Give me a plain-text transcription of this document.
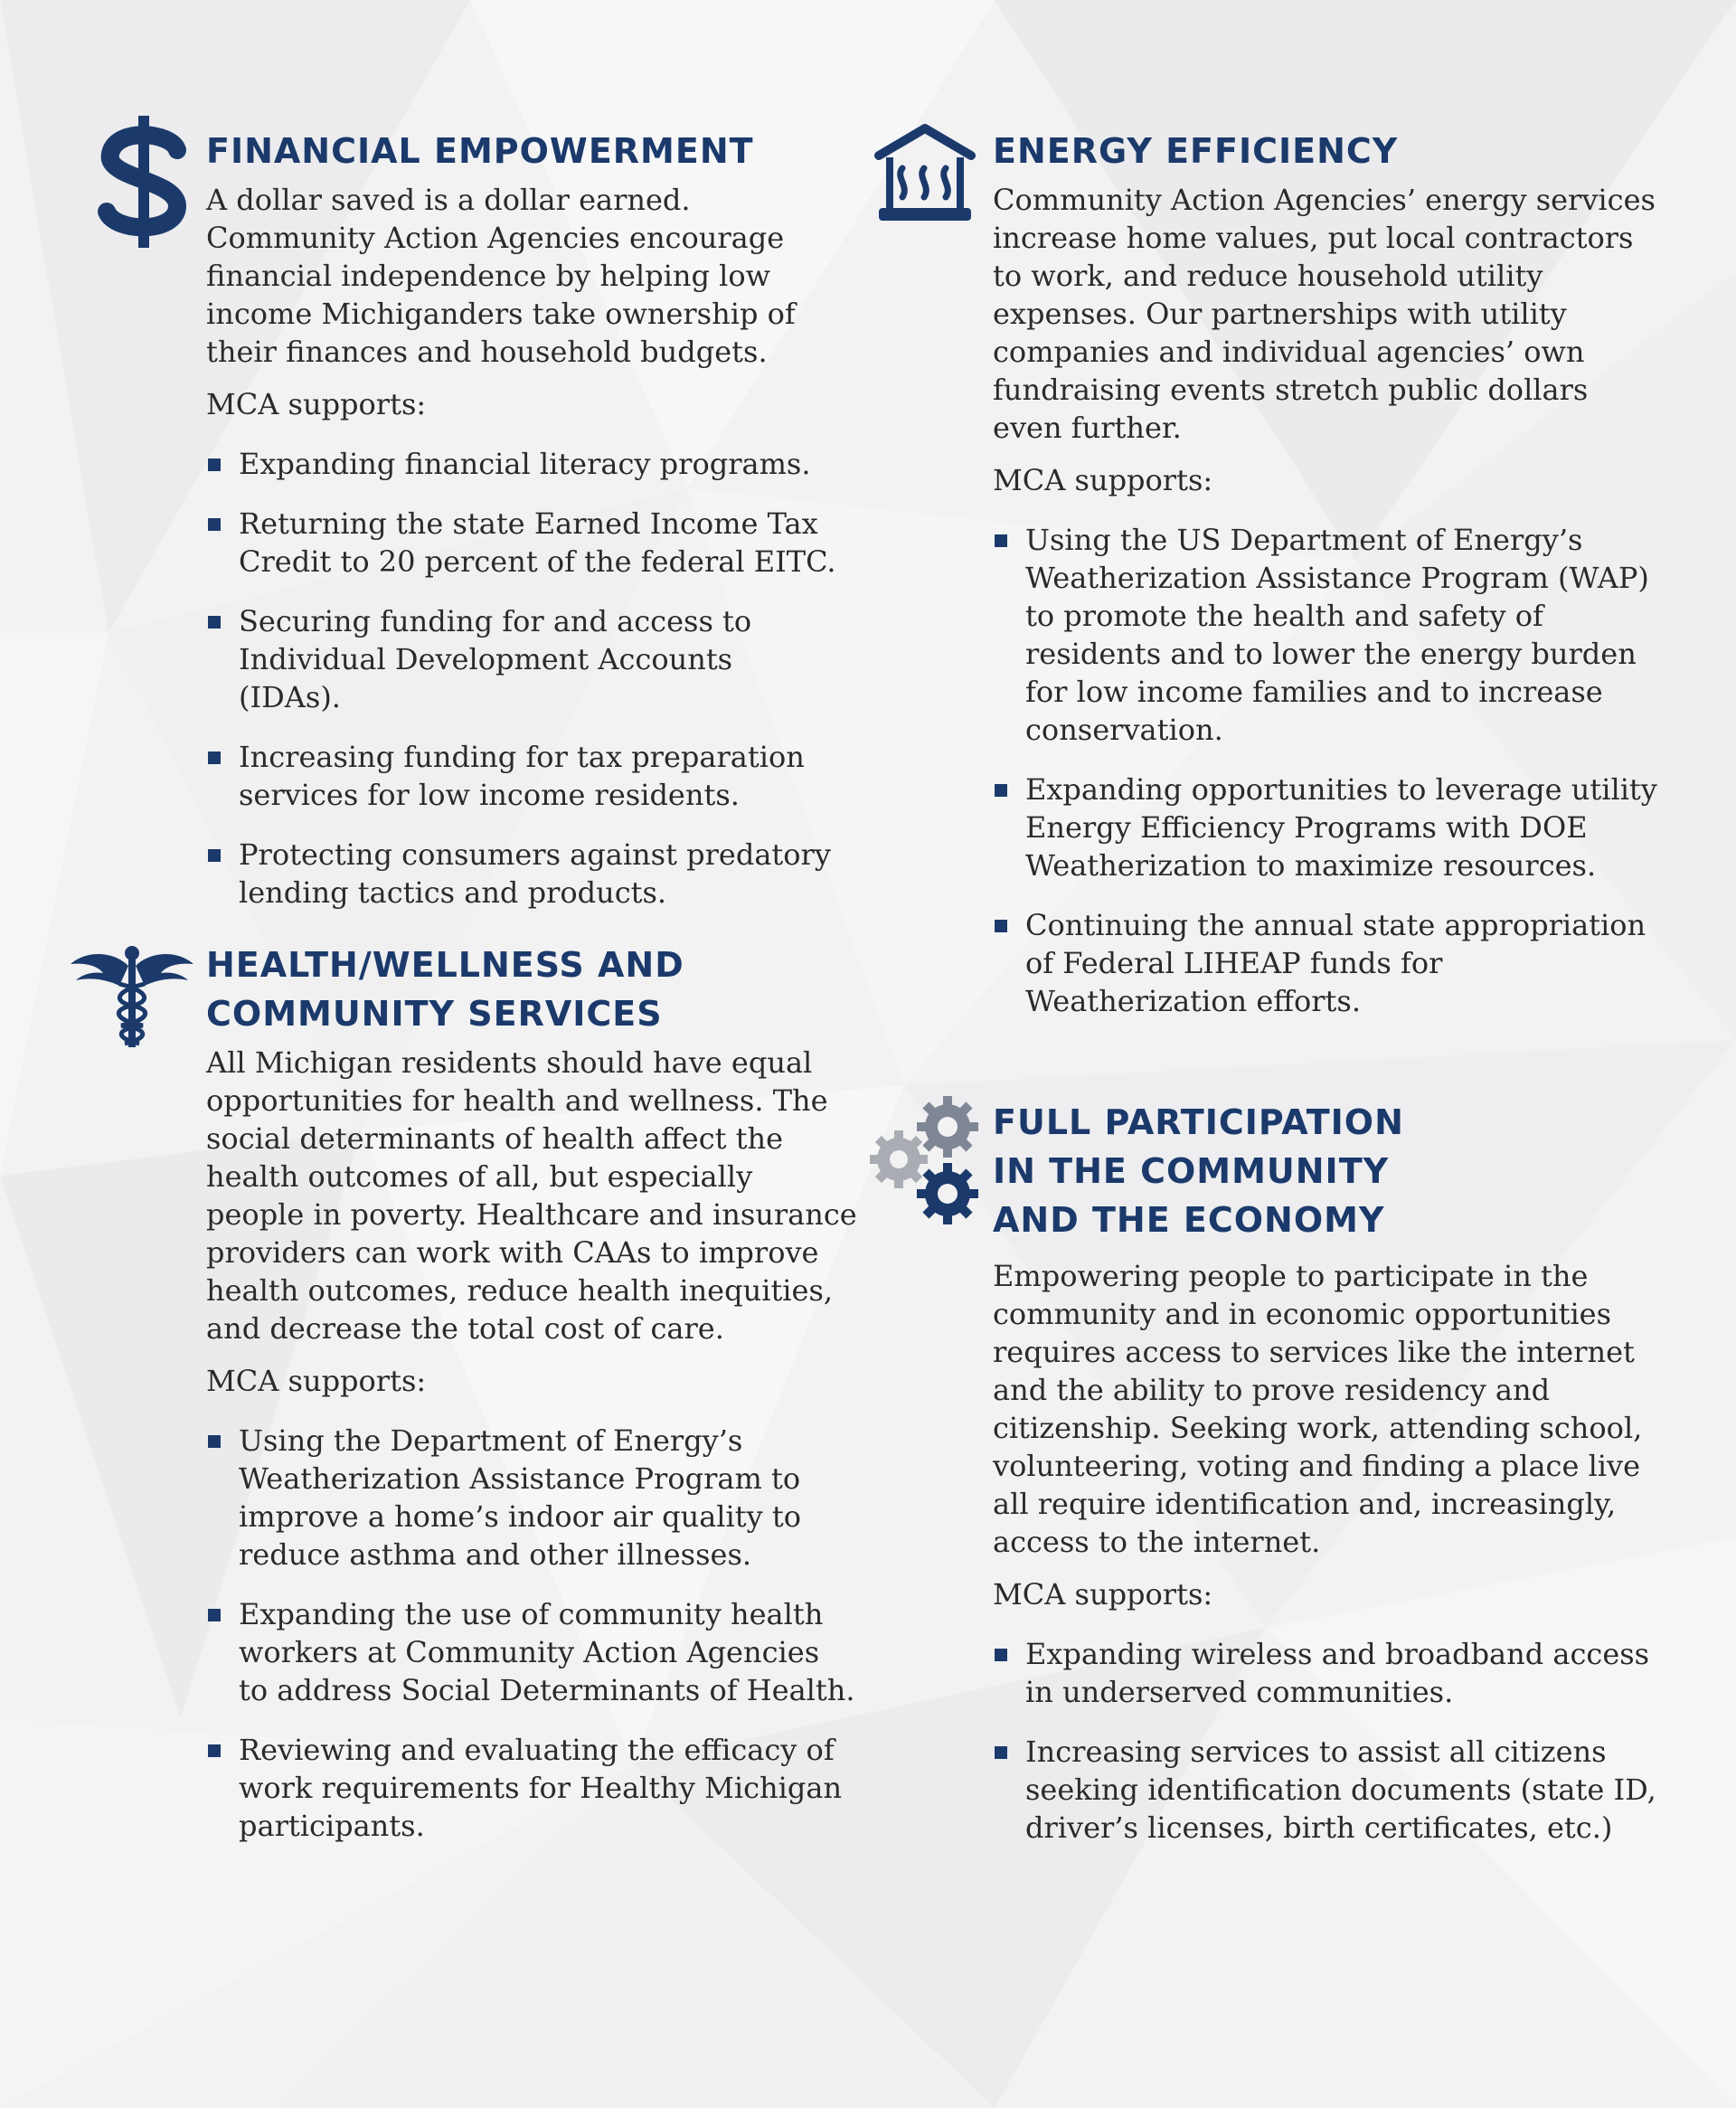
FINANCIAL EMPOWERMENT

A dollar saved is a dollar earned. Community Action Agencies encourage financial independence by helping low income Michiganders take ownership of their finances and household budgets.

MCA supports:

Expanding financial literacy programs.
Returning the state Earned Income Tax Credit to 20 percent of the federal EITC.
Securing funding for and access to Individual Development Accounts (IDAs).
Increasing funding for tax preparation services for low income residents.
Protecting consumers against predatory lending tactics and products.
HEALTH/WELLNESS AND
COMMUNITY SERVICES

All Michigan residents should have equal opportunities for health and wellness. The social determinants of health affect the health outcomes of all, but especially people in poverty. Healthcare and insurance providers can work with CAAs to improve health outcomes, reduce health inequities, and decrease the total cost of care.

MCA supports:

Using the Department of Energy’s Weatherization Assistance Program to improve a home’s indoor air quality to reduce asthma and other illnesses.
Expanding the use of community health workers at Community Action Agencies to address Social Determinants of Health.
Reviewing and evaluating the efficacy of work requirements for Healthy Michigan participants.
ENERGY EFFICIENCY

Community Action Agencies’ energy services increase home values, put local contractors to work, and reduce household utility expenses. Our partnerships with utility companies and individual agencies’ own fundraising events stretch public dollars even further.

MCA supports:

Using the US Department of Energy’s Weatherization Assistance Program (WAP) to promote the health and safety of residents and to lower the energy burden for low income families and to increase conservation.
Expanding opportunities to leverage utility Energy Efficiency Programs with DOE Weatherization to maximize resources.
Continuing the annual state appropriation of Federal LIHEAP funds for Weatherization efforts.
FULL PARTICIPATION
IN THE COMMUNITY
AND THE ECONOMY

Empowering people to participate in the community and in economic opportunities requires access to services like the internet and the ability to prove residency and citizenship. Seeking work, attending school, volunteering, voting and finding a place live all require identification and, increasingly, access to the internet.

MCA supports:

Expanding wireless and broadband access in underserved communities.
Increasing services to assist all citizens seeking identification documents (state ID, driver’s licenses, birth certificates, etc.)
